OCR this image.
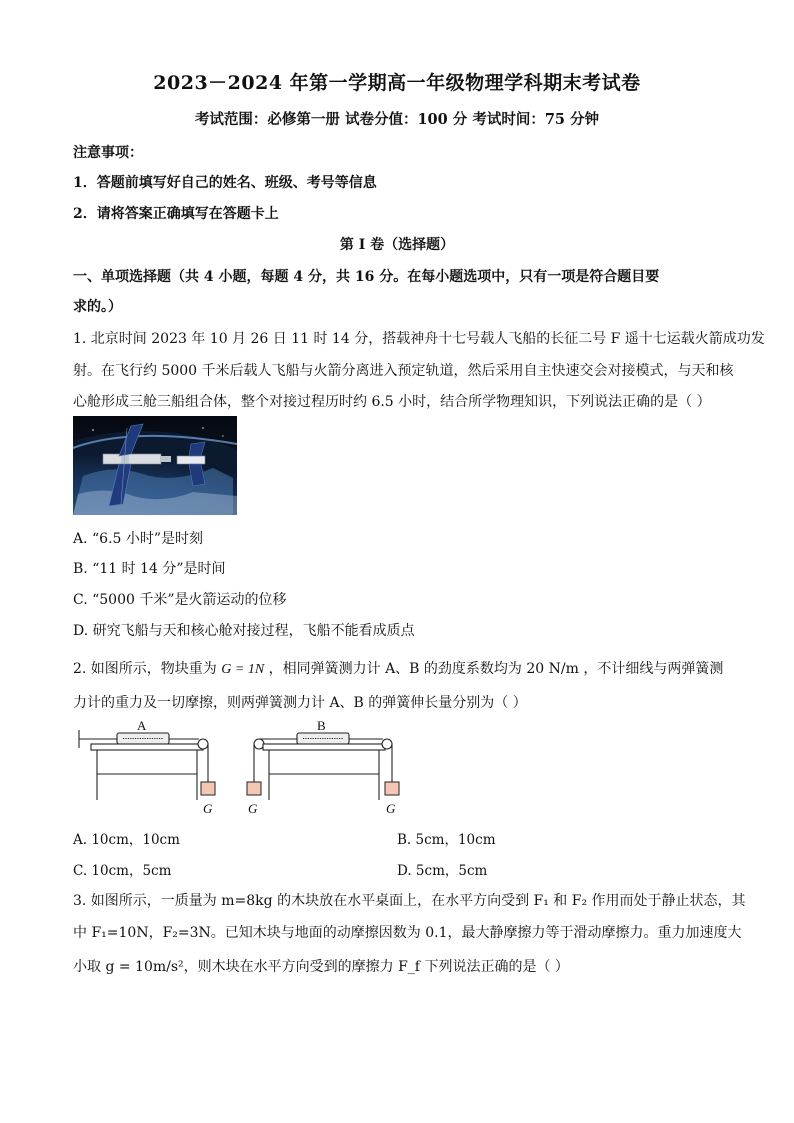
2023－2024 年第一学期高一年级物理学科期末考试卷
考试范围：必修第一册 试卷分值：100 分 考试时间：75 分钟
注意事项：
1．答题前填写好自己的姓名、班级、考号等信息
2．请将答案正确填写在答题卡上
第 I 卷（选择题）
一、单项选择题（共 4 小题，每题 4 分，共 16 分。在每小题选项中，只有一项是符合题目要
求的。）
1. 北京时间 2023 年 10 月 26 日 11 时 14 分，搭载神舟十七号载人飞船的长征二号 F 遥十七运载火箭成功发
射。在飞行约 5000 千米后载人飞船与火箭分离进入预定轨道，然后采用自主快速交会对接模式，与天和核
心舱形成三舱三船组合体，整个对接过程历时约 6.5 小时，结合所学物理知识，下列说法正确的是（ ）
A. “6.5 小时”是时刻
B. “11 时 14 分”是时间
C. “5000 千米”是火箭运动的位移
D. 研究飞船与天和核心舱对接过程，飞船不能看成质点
2. 如图所示，物块重为 G = 1N ，相同弹簧测力计 A、B 的劲度系数均为 20 N/m ，不计细线与两弹簧测
力计的重力及一切摩擦，则两弹簧测力计 A、B 的弹簧伸长量分别为（ ）
A
G
B
G	G
A. 10cm，10cm	B. 5cm，10cm
C. 10cm，5cm	D. 5cm，5cm
3. 如图所示，一质量为 m=8kg 的木块放在水平桌面上，在水平方向受到 F₁ 和 F₂ 作用而处于静止状态，其
中 F₁=10N，F₂=3N。已知木块与地面的动摩擦因数为 0.1，最大静摩擦力等于滑动摩擦力。重力加速度大
小取 g = 10m/s²，则木块在水平方向受到的摩擦力 F_f 下列说法正确的是（ ）
